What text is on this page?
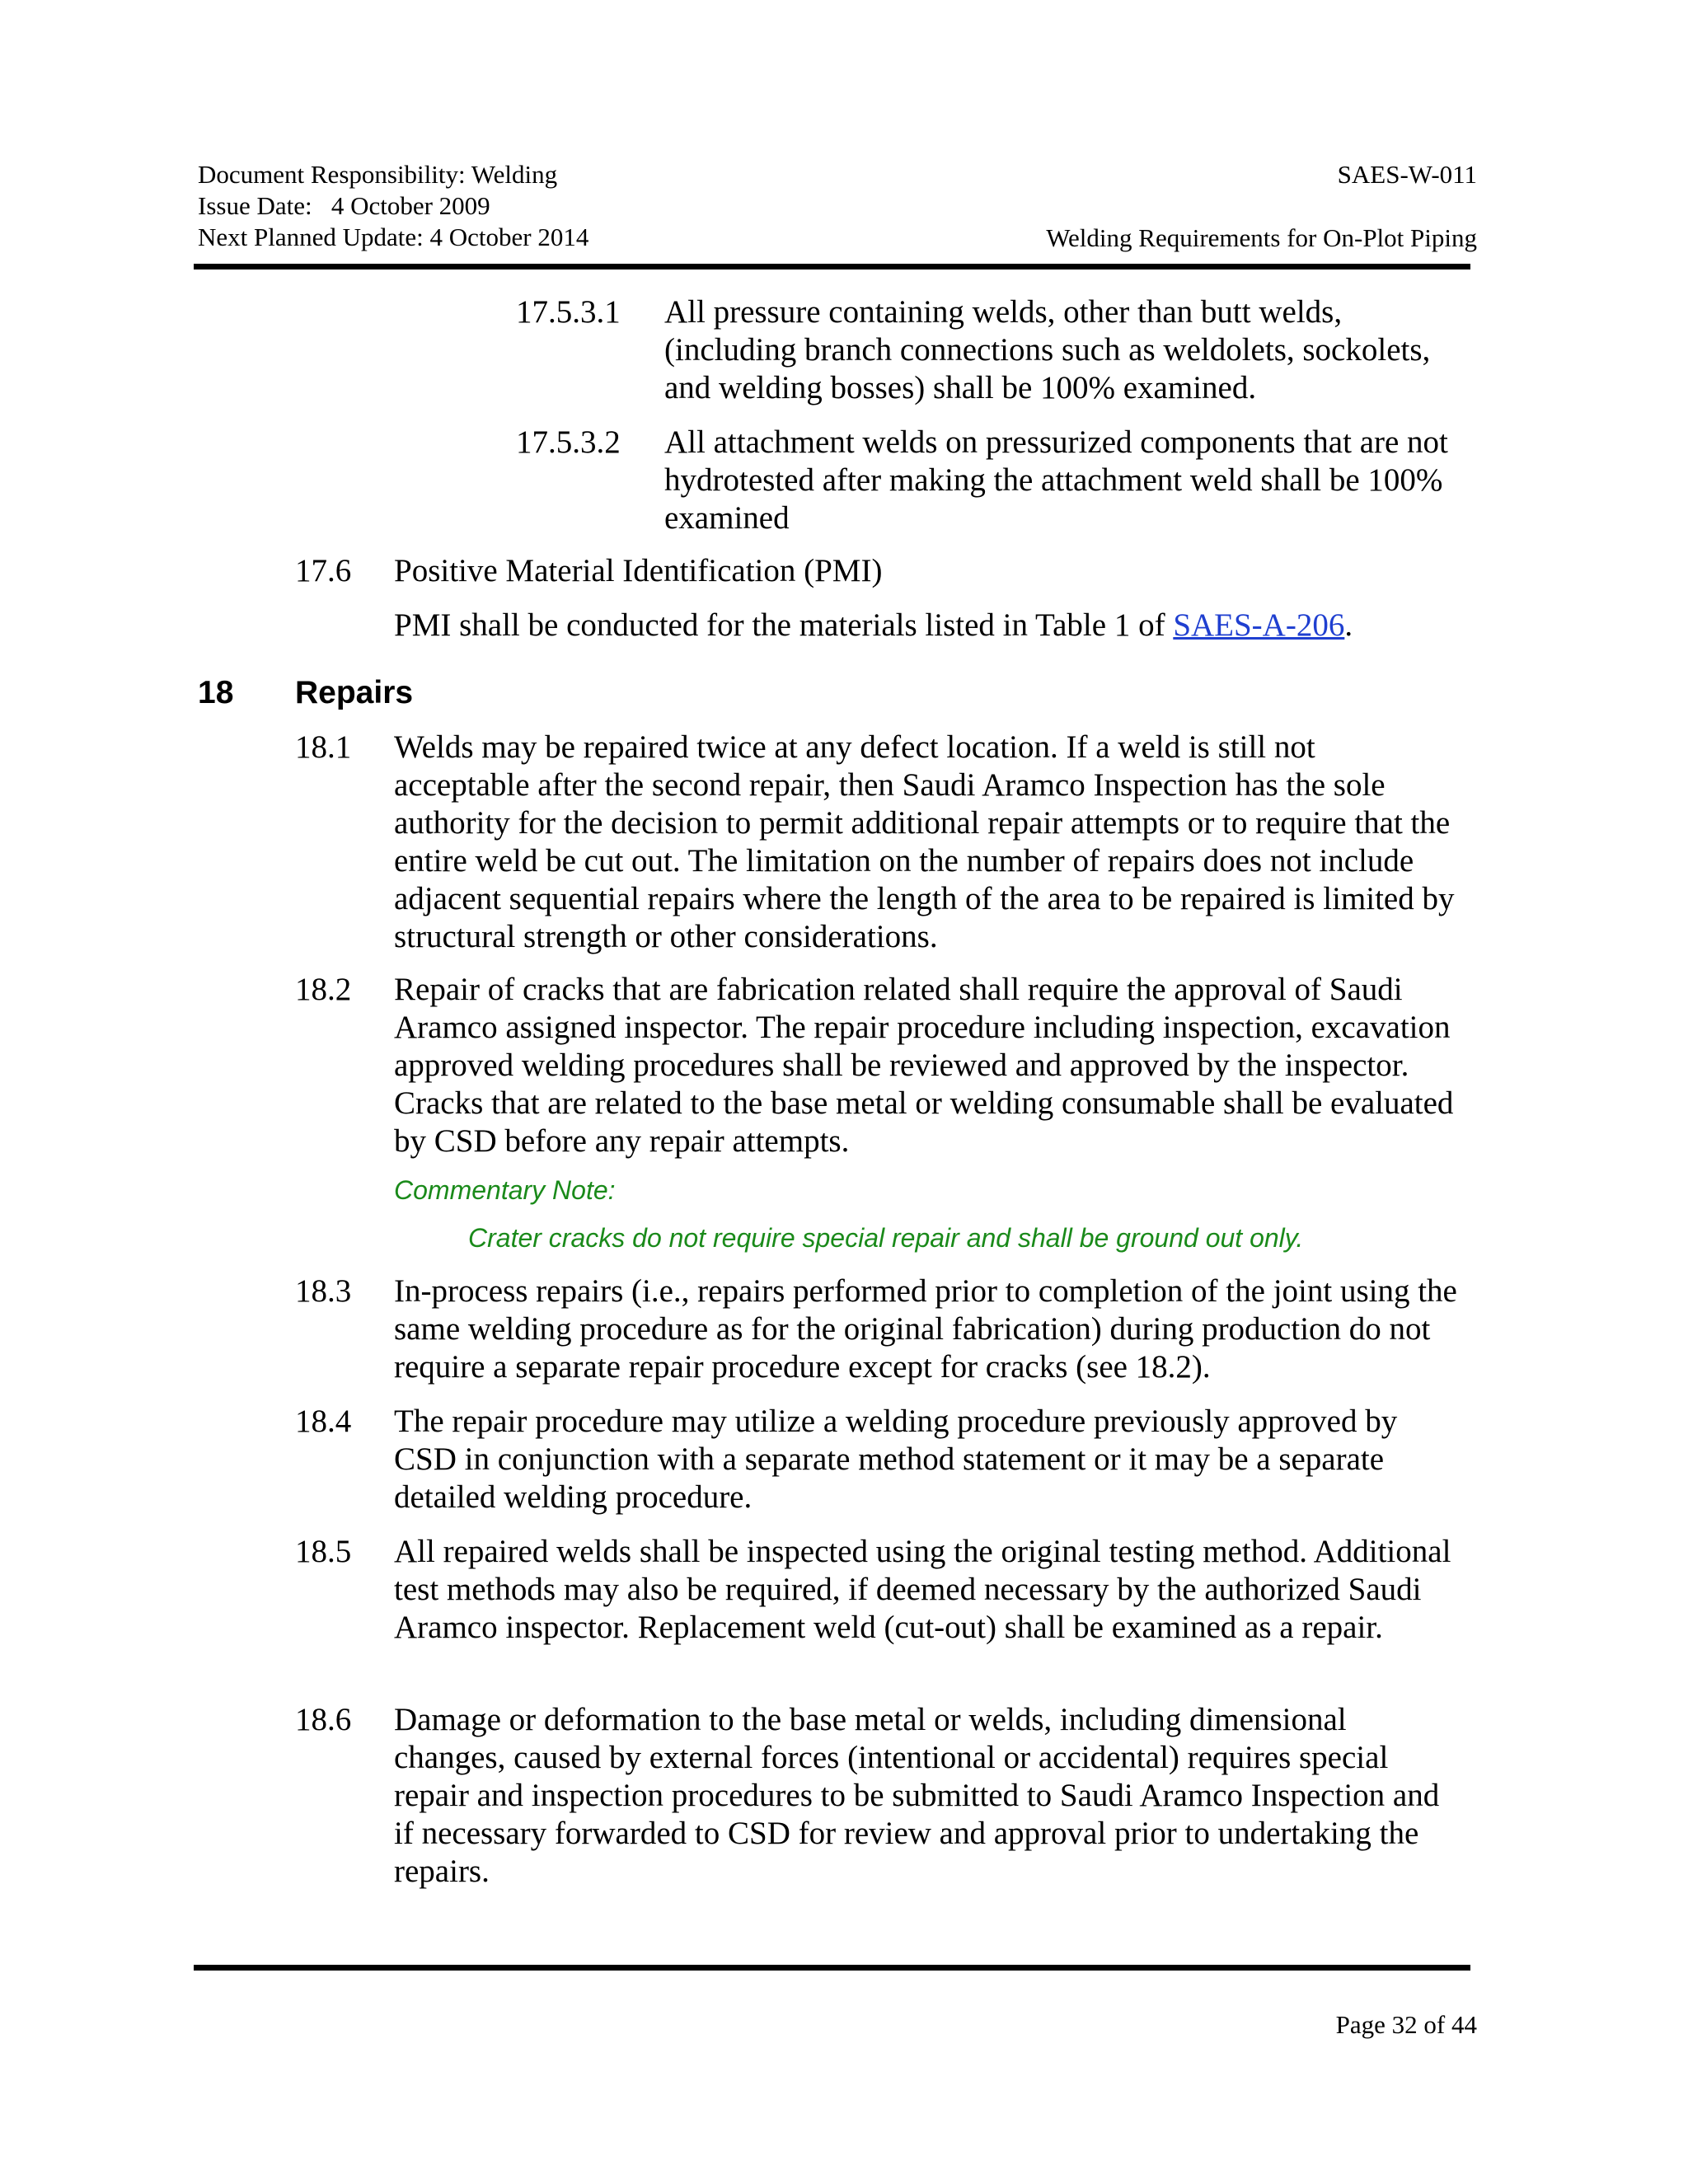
Document Responsibility: Welding
Issue Date:   4 October 2009
Next Planned Update: 4 October 2014
SAES-W-011
Welding Requirements for On-Plot Piping
17.5.3.1 All pressure containing welds, other than butt welds, (including branch connections such as weldolets, sockolets, and welding bosses) shall be 100% examined.
17.5.3.2 All attachment welds on pressurized components that are not hydrotested after making the attachment weld shall be 100% examined
17.6 Positive Material Identification (PMI)
PMI shall be conducted for the materials listed in Table 1 of SAES-A-206.
18 Repairs
18.1 Welds may be repaired twice at any defect location. If a weld is still not acceptable after the second repair, then Saudi Aramco Inspection has the sole authority for the decision to permit additional repair attempts or to require that the entire weld be cut out. The limitation on the number of repairs does not include adjacent sequential repairs where the length of the area to be repaired is limited by structural strength or other considerations.
18.2 Repair of cracks that are fabrication related shall require the approval of Saudi Aramco assigned inspector. The repair procedure including inspection, excavation approved welding procedures shall be reviewed and approved by the inspector. Cracks that are related to the base metal or welding consumable shall be evaluated by CSD before any repair attempts.
Commentary Note:
Crater cracks do not require special repair and shall be ground out only.
18.3 In-process repairs (i.e., repairs performed prior to completion of the joint using the same welding procedure as for the original fabrication) during production do not require a separate repair procedure except for cracks (see 18.2).
18.4 The repair procedure may utilize a welding procedure previously approved by CSD in conjunction with a separate method statement or it may be a separate detailed welding procedure.
18.5 All repaired welds shall be inspected using the original testing method. Additional test methods may also be required, if deemed necessary by the authorized Saudi Aramco inspector. Replacement weld (cut-out) shall be examined as a repair.
18.6 Damage or deformation to the base metal or welds, including dimensional changes, caused by external forces (intentional or accidental) requires special repair and inspection procedures to be submitted to Saudi Aramco Inspection and if necessary forwarded to CSD for review and approval prior to undertaking the repairs.
Page 32 of 44
